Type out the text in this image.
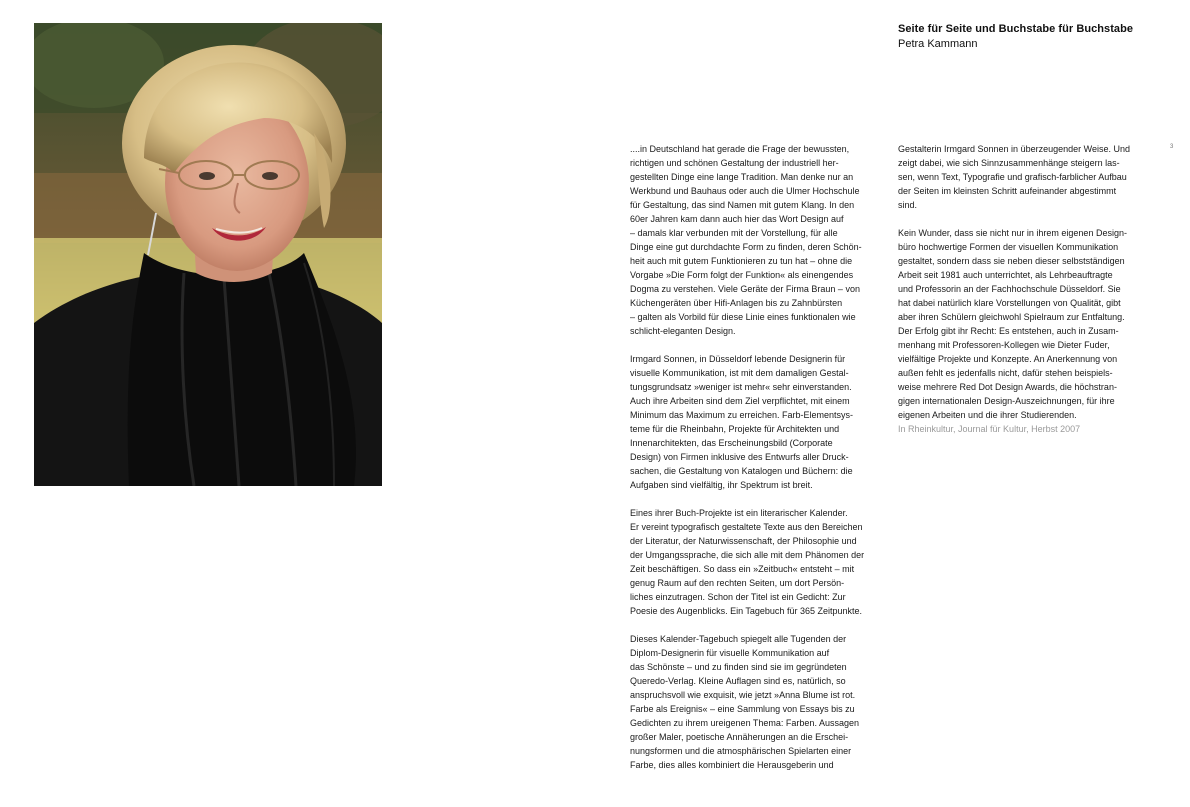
Seite für Seite und Buchstabe für Buchstabe
Petra Kammann

....in Deutschland hat gerade die Frage der bewussten,
richtigen und schönen Gestaltung der industriell her-
gestellten Dinge eine lange Tradition. Man denke nur an
Werkbund und Bauhaus oder auch die Ulmer Hochschule
für Gestaltung, das sind Namen mit gutem Klang. In den
60er Jahren kam dann auch hier das Wort Design auf
– damals klar verbunden mit der Vorstellung, für alle
Dinge eine gut durchdachte Form zu finden, deren Schön-
heit auch mit gutem Funktionieren zu tun hat – ohne die
Vorgabe »Die Form folgt der Funktion« als einengendes
Dogma zu verstehen. Viele Geräte der Firma Braun – von
Küchengeräten über Hifi-Anlagen bis zu Zahnbürsten
– galten als Vorbild für diese Linie eines funktionalen wie
schlicht-eleganten Design.

Irmgard Sonnen, in Düsseldorf lebende Designerin für
visuelle Kommunikation, ist mit dem damaligen Gestal-
tungsgrundsatz »weniger ist mehr« sehr einverstanden.
Auch ihre Arbeiten sind dem Ziel verpflichtet, mit einem
Minimum das Maximum zu erreichen. Farb-Elementsys-
teme für die Rheinbahn, Projekte für Architekten und
Innenarchitekten, das Erscheinungsbild (Corporate
Design) von Firmen inklusive des Entwurfs aller Druck-
sachen, die Gestaltung von Katalogen und Büchern: die
Aufgaben sind vielfältig, ihr Spektrum ist breit.

Eines ihrer Buch-Projekte ist ein literarischer Kalender.
Er vereint typografisch gestaltete Texte aus den Bereichen
der Literatur, der Naturwissenschaft, der Philosophie und
der Umgangssprache, die sich alle mit dem Phänomen der
Zeit beschäftigen. So dass ein »Zeitbuch« entsteht – mit
genug Raum auf den rechten Seiten, um dort Persön-
liches einzutragen. Schon der Titel ist ein Gedicht: Zur
Poesie des Augenblicks. Ein Tagebuch für 365 Zeitpunkte.

Dieses Kalender-Tagebuch spiegelt alle Tugenden der
Diplom-Designerin für visuelle Kommunikation auf
das Schönste – und zu finden sind sie im gegründeten
Queredo-Verlag. Kleine Auflagen sind es, natürlich, so
anspruchsvoll wie exquisit, wie jetzt »Anna Blume ist rot.
Farbe als Ereignis« – eine Sammlung von Essays bis zu
Gedichten zu ihrem ureigenen Thema: Farben. Aussagen
großer Maler, poetische Annäherungen an die Erschei-
nungsformen und die atmosphärischen Spielarten einer
Farbe, dies alles kombiniert die Herausgeberin und

Gestalterin Irmgard Sonnen in überzeugender Weise. Und
zeigt dabei, wie sich Sinnzusammenhänge steigern las-
sen, wenn Text, Typografie und grafisch-farblicher Aufbau
der Seiten im kleinsten Schritt aufeinander abgestimmt
sind.

Kein Wunder, dass sie nicht nur in ihrem eigenen Design-
büro hochwertige Formen der visuellen Kommunikation
gestaltet, sondern dass sie neben dieser selbstständigen
Arbeit seit 1981 auch unterrichtet, als Lehrbeauftragte
und Professorin an der Fachhochschule Düsseldorf. Sie
hat dabei natürlich klare Vorstellungen von Qualität, gibt
aber ihren Schülern gleichwohl Spielraum zur Entfaltung.
Der Erfolg gibt ihr Recht: Es entstehen, auch in Zusam-
menhang mit Professoren-Kollegen wie Dieter Fuder,
vielfältige Projekte und Konzepte. An Anerkennung von
außen fehlt es jedenfalls nicht, dafür stehen beispiels-
weise mehrere Red Dot Design Awards, die höchstran-
gigen internationalen Design-Auszeichnungen, für ihre
eigenen Arbeiten und die ihrer Studierenden.

In Rheinkultur, Journal für Kultur, Herbst 2007

3
